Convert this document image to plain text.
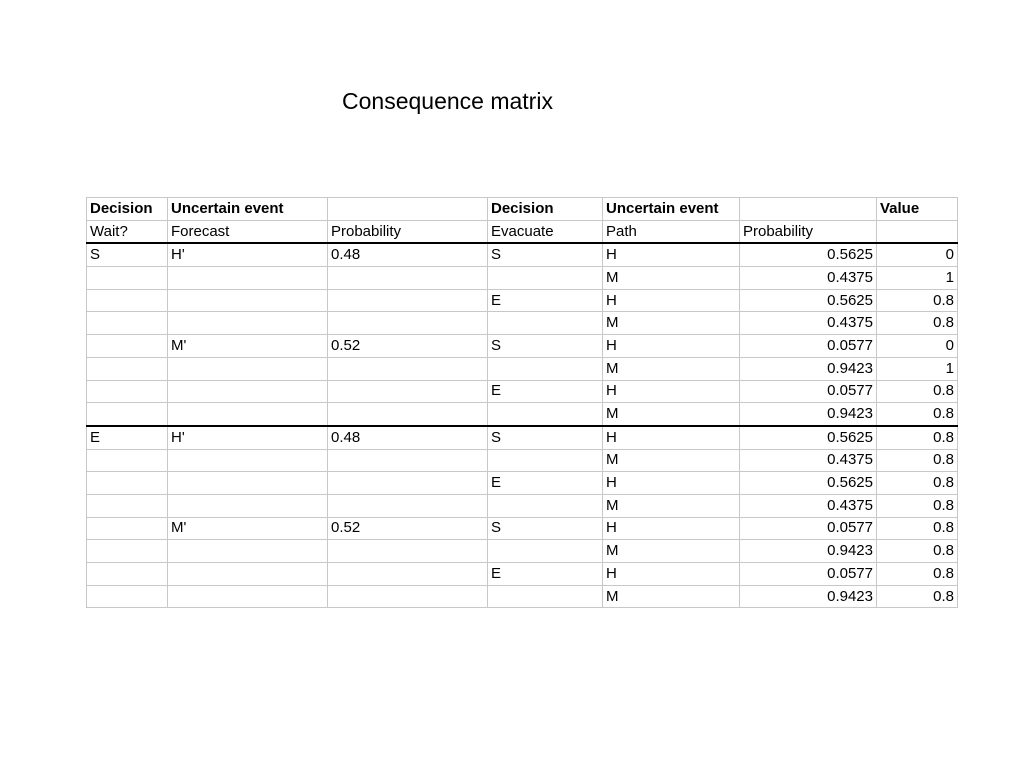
Consequence matrix
Decision	Uncertain event		Decision	Uncertain event		Value
Wait?	Forecast	Probability	Evacuate	Path	Probability	
S	H'	0.48	S	H	0.5625	0
				M	0.4375	1
			E	H	0.5625	0.8
				M	0.4375	0.8
	M'	0.52	S	H	0.0577	0
				M	0.9423	1
			E	H	0.0577	0.8
				M	0.9423	0.8
E	H'	0.48	S	H	0.5625	0.8
				M	0.4375	0.8
			E	H	0.5625	0.8
				M	0.4375	0.8
	M'	0.52	S	H	0.0577	0.8
				M	0.9423	0.8
			E	H	0.0577	0.8
				M	0.9423	0.8
